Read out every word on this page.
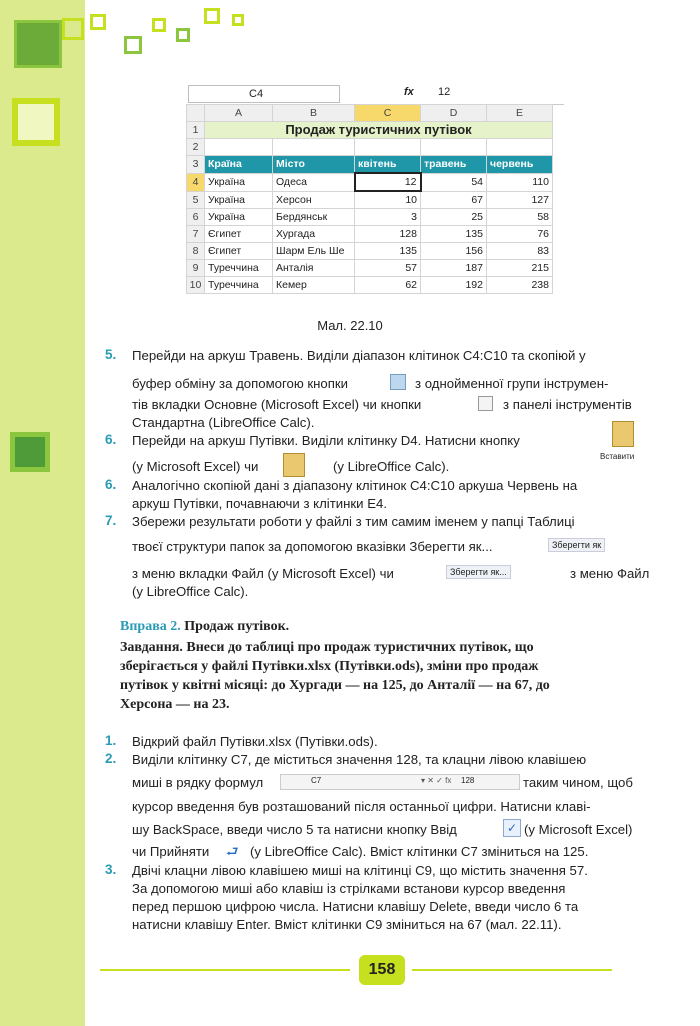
C4	fx 12
	A	B	C	D	E
1	Продаж туристичних путівок				
2					
3	Країна	Місто	квітень	травень	червень
4	Україна	Одеса	12	54	110
5	Україна	Херсон	10	67	127
6	Україна	Бердянськ	3	25	58
7	Єгипет	Хургада	128	135	76
8	Єгипет	Шарм Ель Ше	135	156	83
9	Туреччина	Анталія	57	187	215
10	Туреччина	Кемер	62	192	238
Мал. 22.10
5. Перейди на аркуш Травень. Виділи діапазон клітинок C4:C10 та скопіюй у
буфер обміну за допомогою кнопки	з однойменної групи інструмен-
тів вкладки Основне (Microsoft Excel) чи кнопки	з панелі інструментів
Стандартна (LibreOffice Calc).
6. Перейди на аркуш Путівки. Виділи клітинку D4. Натисни кнопку
Вставити
(у Microsoft Excel) чи	(у LibreOffice Calc).
6. Аналогічно скопіюй дані з діапазону клітинок C4:C10 аркуша Червень на
аркуш Путівки, почавнаючи з клітинки E4.
7. Збережи результати роботи у файлі з тим самим іменем у папці Таблиці
твоєї структури папок за допомогою вказівки Зберегти як...	Зберегти як
з меню вкладки Файл (у Microsoft Excel) чи	Зберегти як...	з меню Файл
(у LibreOffice Calc).
Вправа 2. Продаж путівок.
Завдання. Внеси до таблиці про продаж туристичних путівок, що
зберігається у файлі Путівки.xlsx (Путівки.ods), зміни про продаж
путівок у квітні місяці: до Хургади — на 125, до Анталії — на 67, до
Херсона — на 23.
1. Відкрий файл Путівки.xlsx (Путівки.ods).
2. Виділи клітинку C7, де міститься значення 128, та клацни лівою клавішею
миші в рядку формул	C7	▾ ✕ ✓ fx 128	таким чином, щоб
курсор введення був розташований після останньої цифри. Натисни клаві-
шу BackSpace, введи число 5 та натисни кнопку Ввід	✓ (у Microsoft Excel)
чи Прийняти	⮐ (у LibreOffice Calc). Вміст клітинки C7 зміниться на 125.
3. Двічі клацни лівою клавішею миші на клітинці C9, що містить значення 57.
За допомогою миші або клавіш із стрілками встанови курсор введення
перед першою цифрою числа. Натисни клавішу Delete, введи число 6 та
натисни клавішу Enter. Вміст клітинки C9 зміниться на 67 (мал. 22.11).
158
